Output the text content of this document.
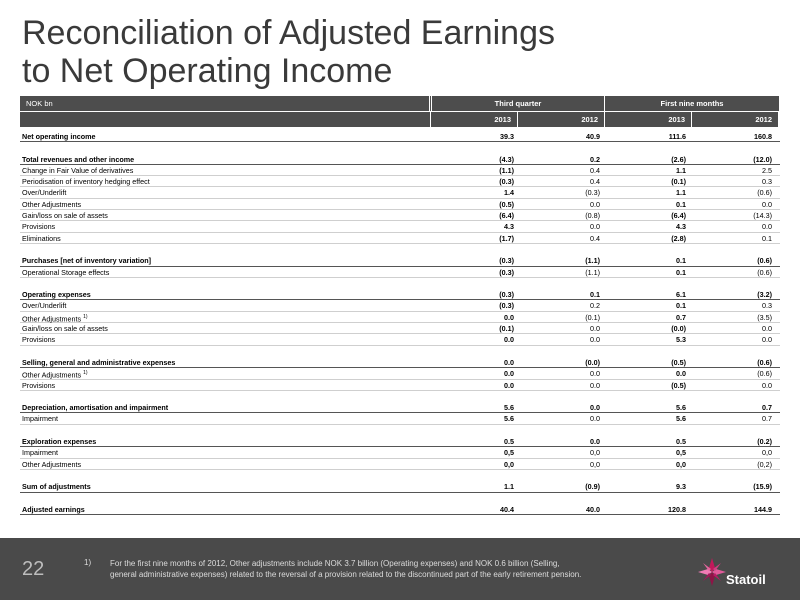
Reconciliation of Adjusted Earnings
to Net Operating Income
NOK bn	Third quarter	First nine months
2013	2012	2013	2012
Net operating income	39.3	40.9	111.6	160.8
Total revenues and other income	(4.3)	0.2	(2.6)	(12.0)
Change in Fair Value of derivatives	(1.1)	0.4	1.1	2.5
Periodisation of inventory hedging effect	(0.3)	0.4	(0.1)	0.3
Over/Underlift	1.4	(0.3)	1.1	(0.6)
Other Adjustments	(0.5)	0.0	0.1	0.0
Gain/loss on sale of assets	(6.4)	(0.8)	(6.4)	(14.3)
Provisions	4.3	0.0	4.3	0.0
Eliminations	(1.7)	0.4	(2.8)	0.1
Purchases [net of inventory variation]	(0.3)	(1.1)	0.1	(0.6)
Operational Storage effects	(0.3)	(1.1)	0.1	(0.6)
Operating expenses	(0.3)	0.1	6.1	(3.2)
Over/Underlift	(0.3)	0.2	0.1	0.3
Other Adjustments $^{1)}$	0.0	(0.1)	0.7	(3.5)
Gain/loss on sale of assets	(0.1)	0.0	(0.0)	0.0
Provisions	0.0	0.0	5.3	0.0
Selling, general and administrative expenses	0.0	(0.0)	(0.5)	(0.6)
Other Adjustments $^{1)}$	0.0	0.0	0.0	(0.6)
Provisions	0.0	0.0	(0.5)	0.0
Depreciation, amortisation and impairment	5.6	0.0	5.6	0.7
Impairment	5.6	0.0	5.6	0.7
Exploration expenses	0.5	0.0	0.5	(0.2)
Impairment	0,5	0,0	0,5	0,0
Other Adjustments	0,0	0,0	0,0	(0,2)
Sum of adjustments	1.1	(0.9)	9.3	(15.9)
Adjusted earnings	40.4	40.0	120.8	144.9
22	1) For the first nine months of 2012, Other adjustments include NOK 3.7 billion (Operating expenses) and NOK 0.6 billion (Selling,
general administrative expenses) related to the reversal of a provision related to the discontinued part of the early retirement pension.	Statoil
